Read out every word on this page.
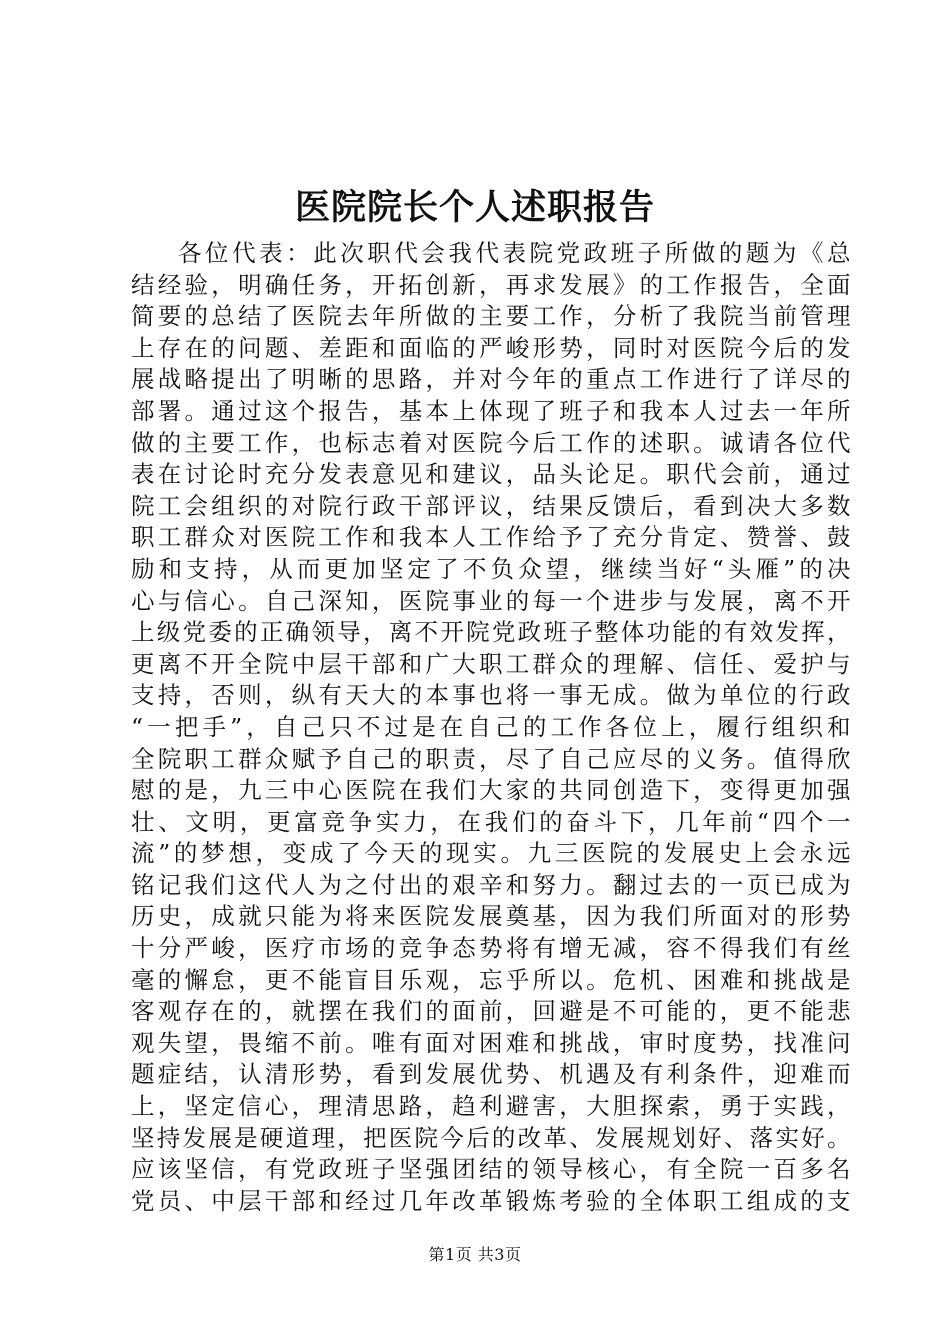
医院院长个人述职报告
各位代表：此次职代会我代表院党政班子所做的题为《总
结经验，明确任务，开拓创新，再求发展》的工作报告，全面
简要的总结了医院去年所做的主要工作，分析了我院当前管理
上存在的问题、差距和面临的严峻形势，同时对医院今后的发
展战略提出了明晰的思路，并对今年的重点工作进行了详尽的
部署。通过这个报告，基本上体现了班子和我本人过去一年所
做的主要工作，也标志着对医院今后工作的述职。诚请各位代
表在讨论时充分发表意见和建议，品头论足。职代会前，通过
院工会组织的对院行政干部评议，结果反馈后，看到决大多数
职工群众对医院工作和我本人工作给予了充分肯定、赞誉、鼓
励和支持，从而更加坚定了不负众望，继续当好“头雁”的决
心与信心。自己深知，医院事业的每一个进步与发展，离不开
上级党委的正确领导，离不开院党政班子整体功能的有效发挥，
更离不开全院中层干部和广大职工群众的理解、信任、爱护与
支持，否则，纵有天大的本事也将一事无成。做为单位的行政
“一把手”，自己只不过是在自己的工作各位上，履行组织和
全院职工群众赋予自己的职责，尽了自己应尽的义务。值得欣
慰的是，九三中心医院在我们大家的共同创造下，变得更加强
壮、文明，更富竞争实力，在我们的奋斗下，几年前“四个一
流”的梦想，变成了今天的现实。九三医院的发展史上会永远
铭记我们这代人为之付出的艰辛和努力。翻过去的一页已成为
历史，成就只能为将来医院发展奠基，因为我们所面对的形势
十分严峻，医疗市场的竞争态势将有增无减，容不得我们有丝
毫的懈怠，更不能盲目乐观，忘乎所以。危机、困难和挑战是
客观存在的，就摆在我们的面前，回避是不可能的，更不能悲
观失望，畏缩不前。唯有面对困难和挑战，审时度势，找准问
题症结，认清形势，看到发展优势、机遇及有利条件，迎难而
上，坚定信心，理清思路，趋利避害，大胆探索，勇于实践，
坚持发展是硬道理，把医院今后的改革、发展规划好、落实好。
应该坚信，有党政班子坚强团结的领导核心，有全院一百多名
党员、中层干部和经过几年改革锻炼考验的全体职工组成的支
第1页 共3页
